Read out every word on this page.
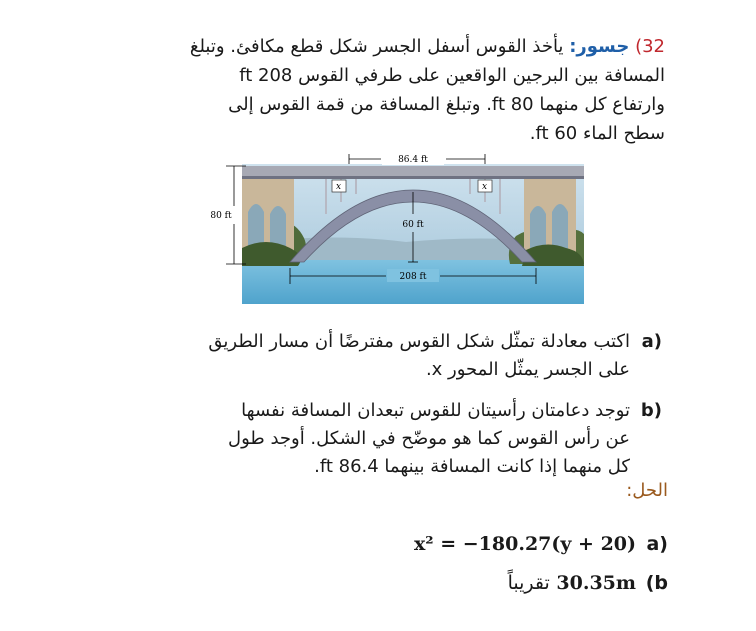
32) جسور: يأخذ القوس أسفل الجسر شكل قطع مكافئ. وتبلغ
المسافة بين البرجين الواقعين على طرفي القوس 208 ft
وارتفاع كل منهما 80 ft. وتبلغ المسافة من قمة القوس إلى
سطح الماء 60 ft.
x	x
86.4 ft
80 ft
60 ft
208 ft
a)
اكتب معادلة تمثّل شكل القوس مفترضًا أن مسار الطريق
على الجسر يمثّل المحور x.
b)
توجد دعامتان رأسيتان للقوس تبعدان المسافة نفسها
عن رأس القوس كما هو موضّح في الشكل. أوجد طول
كل منهما إذا كانت المسافة بينهما 86.4 ft.
الحل:
a)
x² = −180.27(y + 20)
b)
30.35m تقريباً
